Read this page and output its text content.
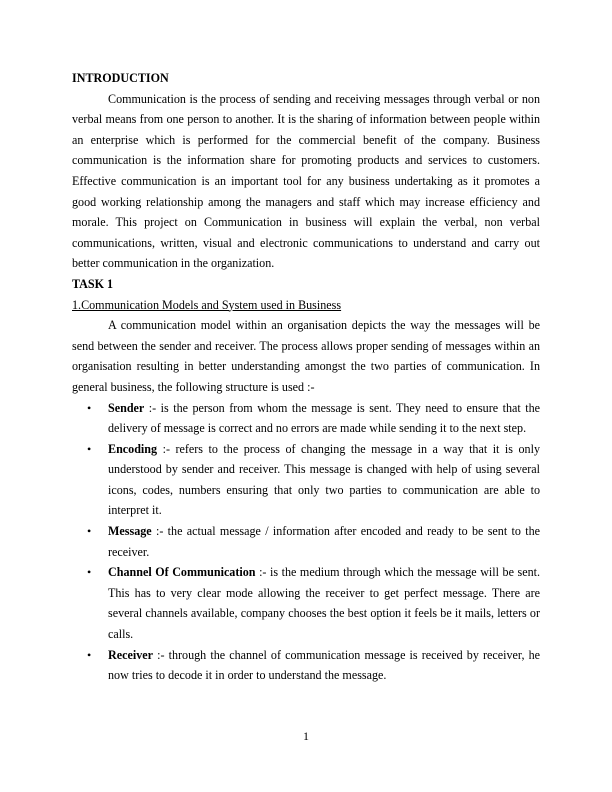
INTRODUCTION

Communication is the process of sending and receiving messages through verbal or non verbal means from one person to another. It is the sharing of information between people within an enterprise which is performed for the commercial benefit of the company. Business communication is the information share for promoting products and services to customers. Effective communication is an important tool for any business undertaking as it promotes a good working relationship among the managers and staff which may increase efficiency and morale. This project on Communication in business will explain the verbal, non verbal communications, written, visual and electronic communications to understand and carry out better communication in the organization.

TASK 1
1.Communication Models and System used in Business

A communication model within an organisation depicts the way the messages will be send between the sender and receiver. The process allows proper sending of messages within an organisation resulting in better understanding amongst the two parties of communication. In general business, the following structure is used :-

• Sender :- is the person from whom the message is sent. They need to ensure that the delivery of message is correct and no errors are made while sending it to the next step.
• Encoding :- refers to the process of changing the message in a way that it is only understood by sender and receiver. This message is changed with help of using several icons, codes, numbers ensuring that only two parties to communication are able to interpret it.
• Message :- the actual message / information after encoded and ready to be sent to the receiver.
• Channel Of Communication :- is the medium through which the message will be sent. This has to very clear mode allowing the receiver to get perfect message. There are several channels available, company chooses the best option it feels be it mails, letters or calls.
• Receiver :- through the channel of communication message is received by receiver, he now tries to decode it in order to understand the message.
1
